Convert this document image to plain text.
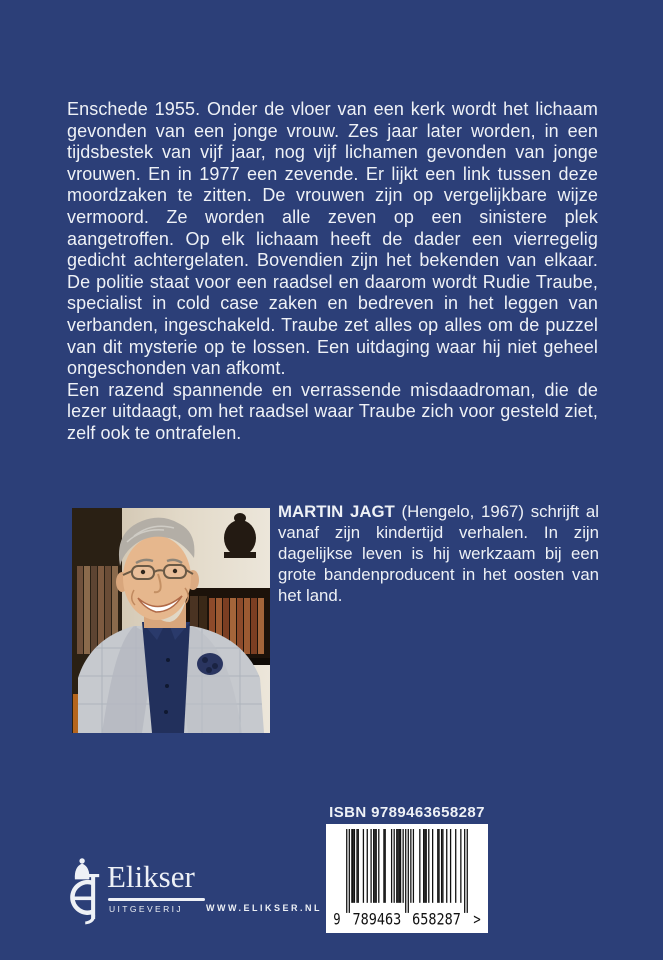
Enschede 1955. Onder de vloer van een kerk wordt het lichaam gevonden van een jonge vrouw. Zes jaar later worden, in een tijdsbestek van vijf jaar, nog vijf lichamen gevonden van jonge vrouwen. En in 1977 een zevende. Er lijkt een link tussen deze moordzaken te zitten. De vrouwen zijn op vergelijkbare wijze vermoord. Ze worden alle zeven op een sinistere plek aangetroffen. Op elk lichaam heeft de dader een vierregelig gedicht achtergelaten. Bovendien zijn het bekenden van elkaar. De politie staat voor een raadsel en daarom wordt Rudie Traube, specialist in cold case zaken en bedreven in het leggen van verbanden, ingeschakeld. Traube zet alles op alles om de puzzel van dit mysterie op te lossen. Een uitdaging waar hij niet geheel ongeschonden van afkomt.

Een razend spannende en verrassende misdaadroman, die de lezer uitdaagt, om het raadsel waar Traube zich voor gesteld ziet, zelf ook te ontrafelen.

MARTIN JAGT (Hengelo, 1967) schrijft al vanaf zijn kindertijd verhalen. In zijn dagelijkse leven is hij werkzaam bij een grote bandenproducent in het oosten van het land.

Elikser
UITGEVERIJ	WWW.ELIKSER.NL
ISBN 9789463658287
9 789463 658287 >
